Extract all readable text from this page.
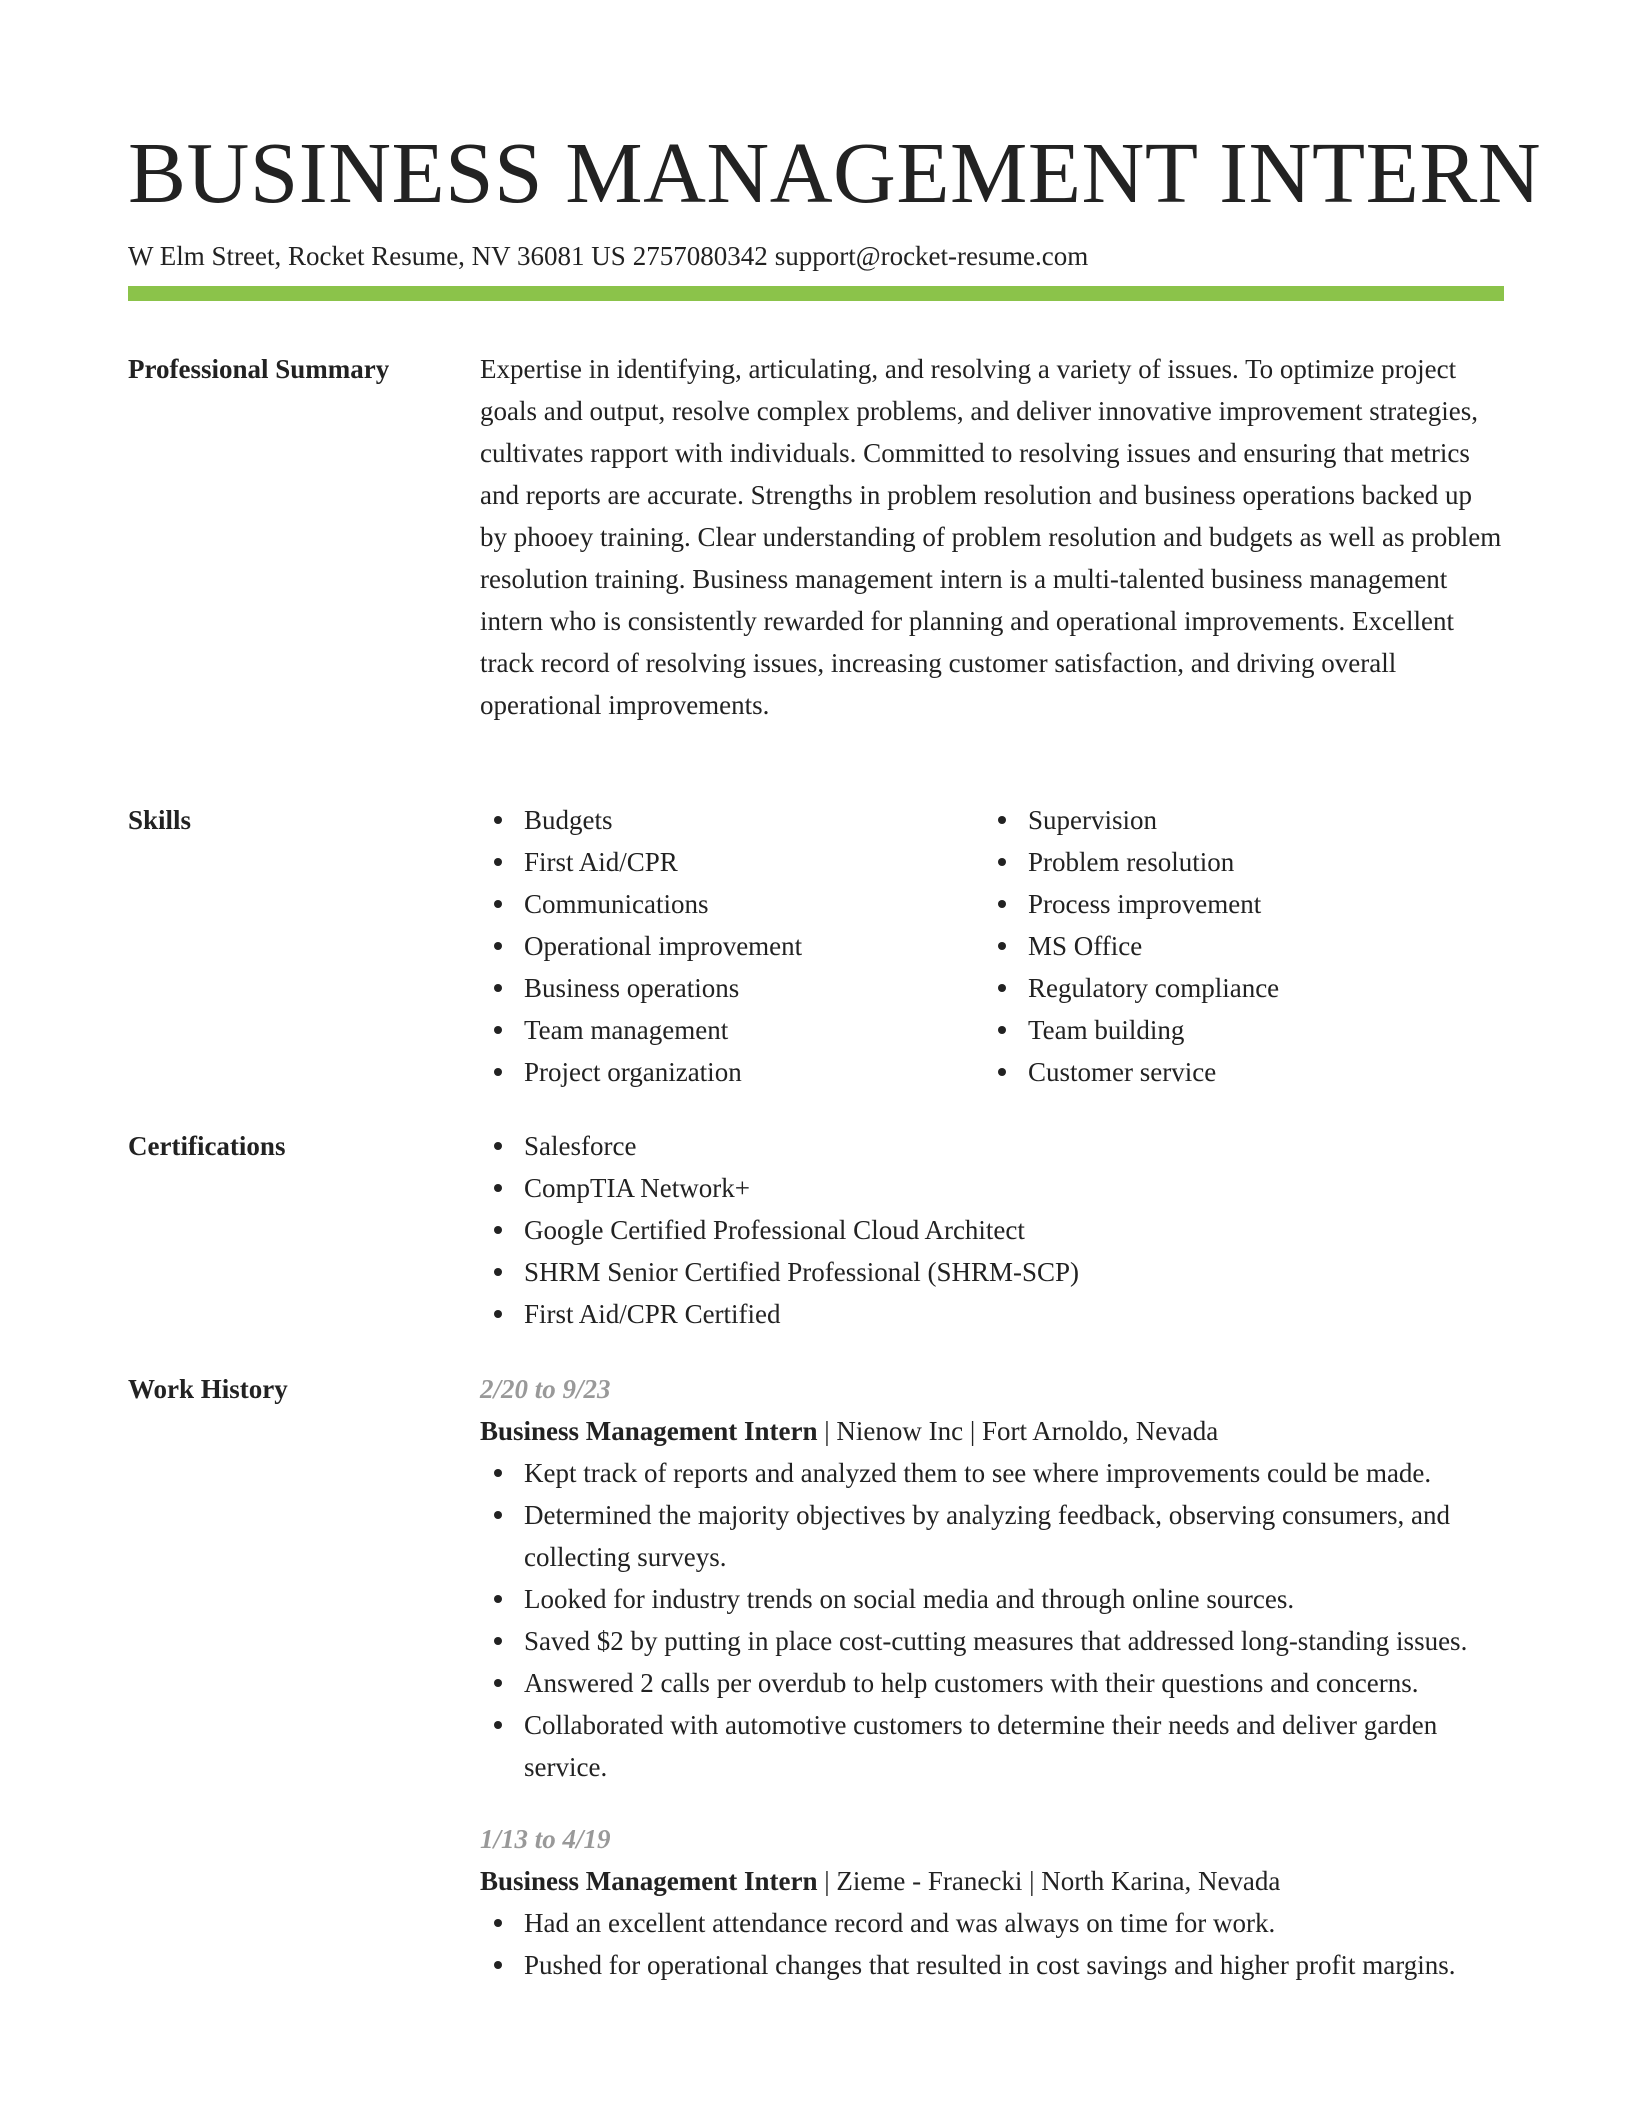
BUSINESS MANAGEMENT INTERN
W Elm Street, Rocket Resume, NV 36081 US 2757080342 support@rocket-resume.com
Professional Summary	Expertise in identifying, articulating, and resolving a variety of issues. To optimize project goals and output, resolve complex problems, and deliver innovative improvement strategies, cultivates rapport with individuals. Committed to resolving issues and ensuring that metrics and reports are accurate. Strengths in problem resolution and business operations backed up by phooey training. Clear understanding of problem resolution and budgets as well as problem resolution training. Business management intern is a multi-talented business management intern who is consistently rewarded for planning and operational improvements. Excellent track record of resolving issues, increasing customer satisfaction, and driving overall operational improvements.

Skills	Budgets
First Aid/CPR
Communications
Operational improvement
Business operations
Team management
Project organization
Supervision
Problem resolution
Process improvement
MS Office
Regulatory compliance
Team building
Customer service
Certifications	Salesforce
CompTIA Network+
Google Certified Professional Cloud Architect
SHRM Senior Certified Professional (SHRM-SCP)
First Aid/CPR Certified
Work History	2/20 to 9/23
Business Management Intern | Nienow Inc | Fort Arnoldo, Nevada
Kept track of reports and analyzed them to see where improvements could be made.
Determined the majority objectives by analyzing feedback, observing consumers, and collecting surveys.
Looked for industry trends on social media and through online sources.
Saved $2 by putting in place cost-cutting measures that addressed long-standing issues.
Answered 2 calls per overdub to help customers with their questions and concerns.
Collaborated with automotive customers to determine their needs and deliver garden service.
1/13 to 4/19
Business Management Intern | Zieme - Franecki | North Karina, Nevada
Had an excellent attendance record and was always on time for work.
Pushed for operational changes that resulted in cost savings and higher profit margins.
